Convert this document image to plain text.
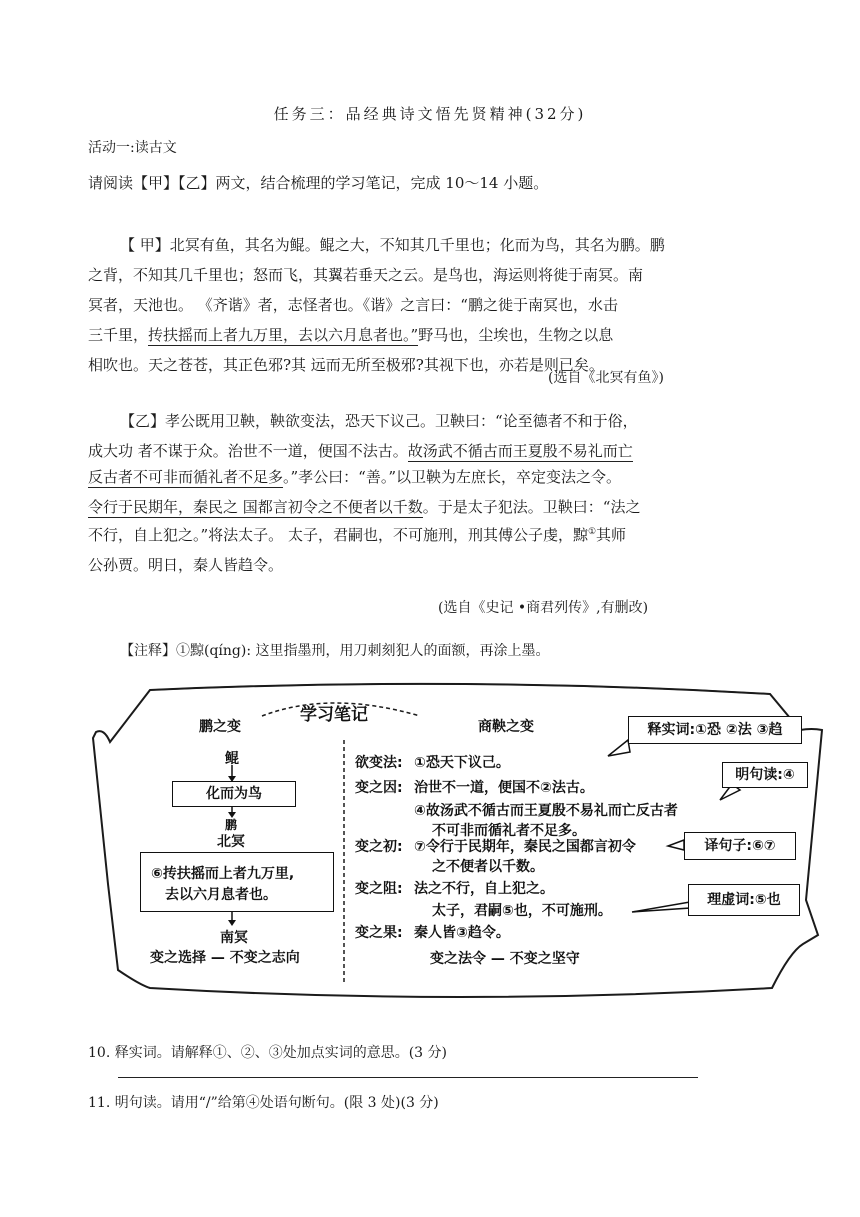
任务三：品经典诗文悟先贤精神(32分)
活动一:读古文
请阅读【甲】【乙】两文，结合梳理的学习笔记，完成 10～14 小题。
【 甲】北冥有鱼，其名为鲲。鲲之大，不知其几千里也；化而为鸟，其名为鹏。鹏
之背，不知其几千里也；怒而飞，其翼若垂天之云。是鸟也，海运则将徙于南冥。南
冥者，天池也。 《齐谐》者，志怪者也。《谐》之言曰：“鹏之徙于南冥也，水击
三千里，抟扶摇而上者九万里，去以六月息者也。”野马也，尘埃也，生物之以息
相吹也。天之苍苍，其正色邪?其 远而无所至极邪?其视下也，亦若是则已矣。
(选自《北冥有鱼》)
【乙】孝公既用卫鞅，鞅欲变法，恐天下议己。卫鞅曰：“论至德者不和于俗，
成大功 者不谋于众。治世不一道，便国不法古。故汤武不循古而王夏殷不易礼而亡
反古者不可非而循礼者不足多。”孝公曰：“善。”以卫鞅为左庶长，卒定变法之令。
令行于民期年，秦民之 国都言初令之不便者以千数。于是太子犯法。卫鞅曰：“法之
不行，自上犯之。”将法太子。 太子，君嗣也，不可施刑，刑其傅公子虔，黥①其师
公孙贾。明日，秦人皆趋令。
(选自《史记 •商君列传》,有删改)
【注释】①黥(qíng): 这里指墨刑，用刀刺刻犯人的面额，再涂上墨。
学习笔记
鹏之变
鲲
化而为鸟
鹏
北冥
⑥抟扶摇而上者九万里,
去以六月息者也。
南冥
变之选择 — 不变之志向
商鞅之变
欲变法: ①恐天下议己。
变之因: 治世不一道，便国不②法古。
④故汤武不循古而王夏殷不易礼而亡反古者
不可非而循礼者不足多。
变之初: ⑦令行于民期年，秦民之国都言初令
之不便者以千数。
变之阻: 法之不行，自上犯之。
太子，君嗣⑤也，不可施刑。
变之果: 秦人皆③趋令。
变之法令 — 不变之坚守
释实词:①恐 ②法 ③趋
明句读:④
译句子:⑥⑦
理虚词:⑤也
10. 释实词。请解释①、②、③处加点实词的意思。(3 分)
11. 明句读。请用“/”给第④处语句断句。(限 3 处)(3 分)
